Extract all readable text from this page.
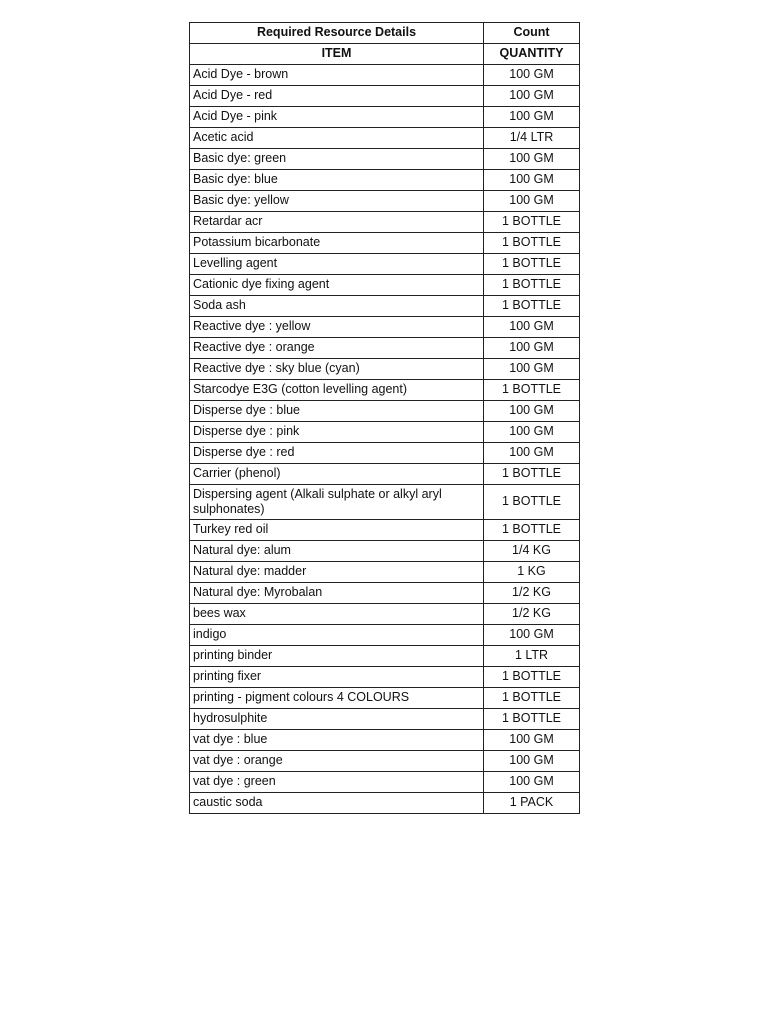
Required Resource Details	Count
ITEM	QUANTITY
Acid Dye - brown	100 GM
Acid Dye - red	100 GM
Acid Dye - pink	100 GM
Acetic acid	1/4 LTR
Basic dye: green	100 GM
Basic dye: blue	100 GM
Basic dye: yellow	100 GM
Retardar acr	1 BOTTLE
Potassium bicarbonate	1 BOTTLE
Levelling agent	1 BOTTLE
Cationic dye fixing agent	1 BOTTLE
Soda ash	1 BOTTLE
Reactive dye : yellow	100 GM
Reactive dye : orange	100 GM
Reactive dye : sky blue (cyan)	100 GM
Starcodye E3G (cotton levelling agent)	1 BOTTLE
Disperse dye : blue	100 GM
Disperse dye : pink	100 GM
Disperse dye : red	100 GM
Carrier (phenol)	1 BOTTLE
Dispersing agent (Alkali sulphate or alkyl aryl sulphonates)	1 BOTTLE
Turkey red oil	1 BOTTLE
Natural dye: alum	1/4 KG
Natural dye: madder	1 KG
Natural dye: Myrobalan	1/2 KG
bees wax	1/2 KG
indigo	100 GM
printing binder	1 LTR
printing fixer	1 BOTTLE
printing - pigment colours 4 COLOURS	1 BOTTLE
hydrosulphite	1 BOTTLE
vat dye : blue	100 GM
vat dye : orange	100 GM
vat dye : green	100 GM
caustic soda	1 PACK
